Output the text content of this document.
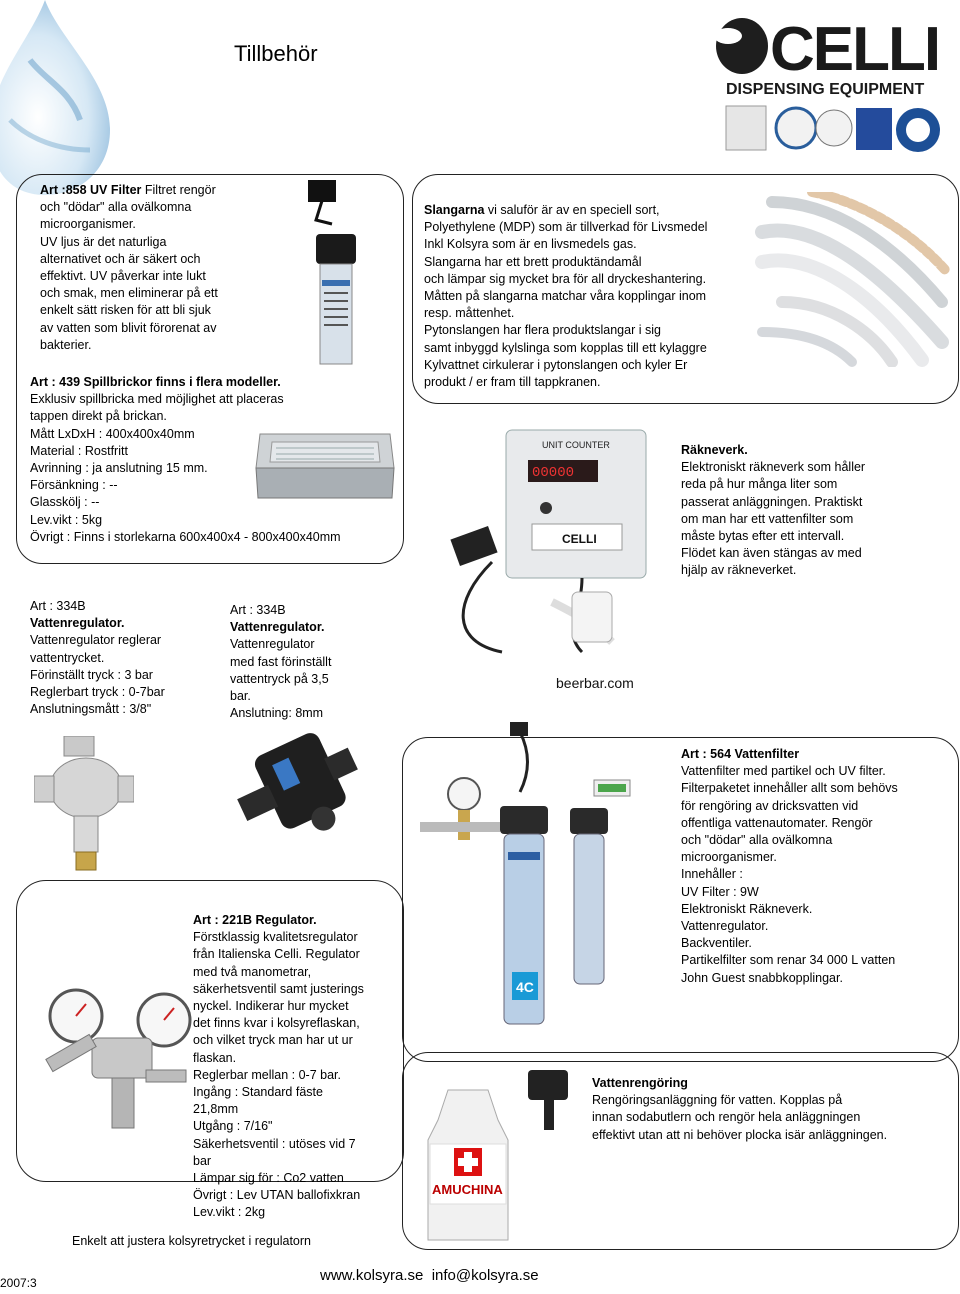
Tillbehör	CELLI
DISPENSING EQUIPMENT
Art :858 UV Filter Filtret rengör
och "dödar" alla ovälkomna
microorganismer.
UV ljus är det naturliga
alternativet och är säkert och
effektivt. UV påverkar inte lukt
och smak, men eliminerar på ett
enkelt sätt risken för att bli sjuk
av vatten som blivit förorenat av
bakterier.
Art : 439 Spillbrickor finns i flera modeller.
Exklusiv spillbricka med möjlighet att placeras
tappen direkt på brickan.
Mått LxDxH : 400x400x40mm
Material : Rostfritt
Avrinning : ja anslutning 15 mm.
Försänkning : --
Glasskölj : --
Lev.vikt : 5kg
Övrigt : Finns i storlekarna 600x400x4 - 800x400x40mm
Slangarna vi saluför är av en speciell sort,
Polyethylene (MDP) som är tillverkad för Livsmedel
Inkl Kolsyra som är en livsmedels gas.
Slangarna har ett brett produktändamål
och lämpar sig mycket bra för all dryckeshantering.
Måtten på slangarna matchar våra kopplingar inom
resp. måttenhet.
Pytonslangen har flera produktslangar i sig
samt inbyggd kylslinga som kopplas till ett kylaggre
Kylvattnet cirkulerar i pytonslangen och kyler Er
produkt / er fram till tappkranen.
UNIT COUNTER
00000
CELLI
beerbar.com
Räkneverk.
Elektroniskt räkneverk som håller
reda på hur många liter som
passerat anläggningen. Praktiskt
om man har ett vattenfilter som
måste bytas efter ett intervall.
Flödet kan även stängas av med
hjälp av räkneverket.
Art : 334B
Vattenregulator.
Vattenregulator reglerar
vattentrycket.
Förinställt tryck : 3 bar
Reglerbart tryck : 0-7bar
Anslutningsmått : 3/8"
Art : 334B
Vattenregulator.
Vattenregulator
med fast förinställt
vattentryck på 3,5
bar.
Anslutning: 8mm
4C
Art : 564 Vattenfilter
Vattenfilter med partikel och UV filter.
Filterpaketet innehåller allt som behövs
för rengöring av dricksvatten vid
offentliga vattenautomater. Rengör
och "dödar" alla ovälkomna
microorganismer.
Innehåller :
UV Filter : 9W
Elektroniskt Räkneverk.
Vattenregulator.
Backventiler.
Partikelfilter som renar 34 000 L vatten
John Guest snabbkopplingar.
Art : 221B Regulator.
Förstklassig kvalitetsregulator
från Italienska Celli. Regulator
med två manometrar,
säkerhetsventil samt justerings
nyckel. Indikerar hur mycket
det finns kvar i kolsyreflaskan,
och vilket tryck man har ut ur
flaskan.
Reglerbar mellan : 0-7 bar.
Ingång : Standard fäste
21,8mm
Utgång : 7/16"
Säkerhetsventil : utöses vid 7
bar
Lämpar sig för : Co2 vatten
Övrigt : Lev UTAN ballofixkran
Lev.vikt : 2kg
Enkelt att justera kolsyretrycket i regulatorn
AMUCHINA
Vattenrengöring
Rengöringsanläggning för vatten. Kopplas på
innan sodabutlern och rengör hela anläggningen
effektivt utan att ni behöver plocka isär anläggningen.
2007:3	www.kolsyra.se  info@kolsyra.se
